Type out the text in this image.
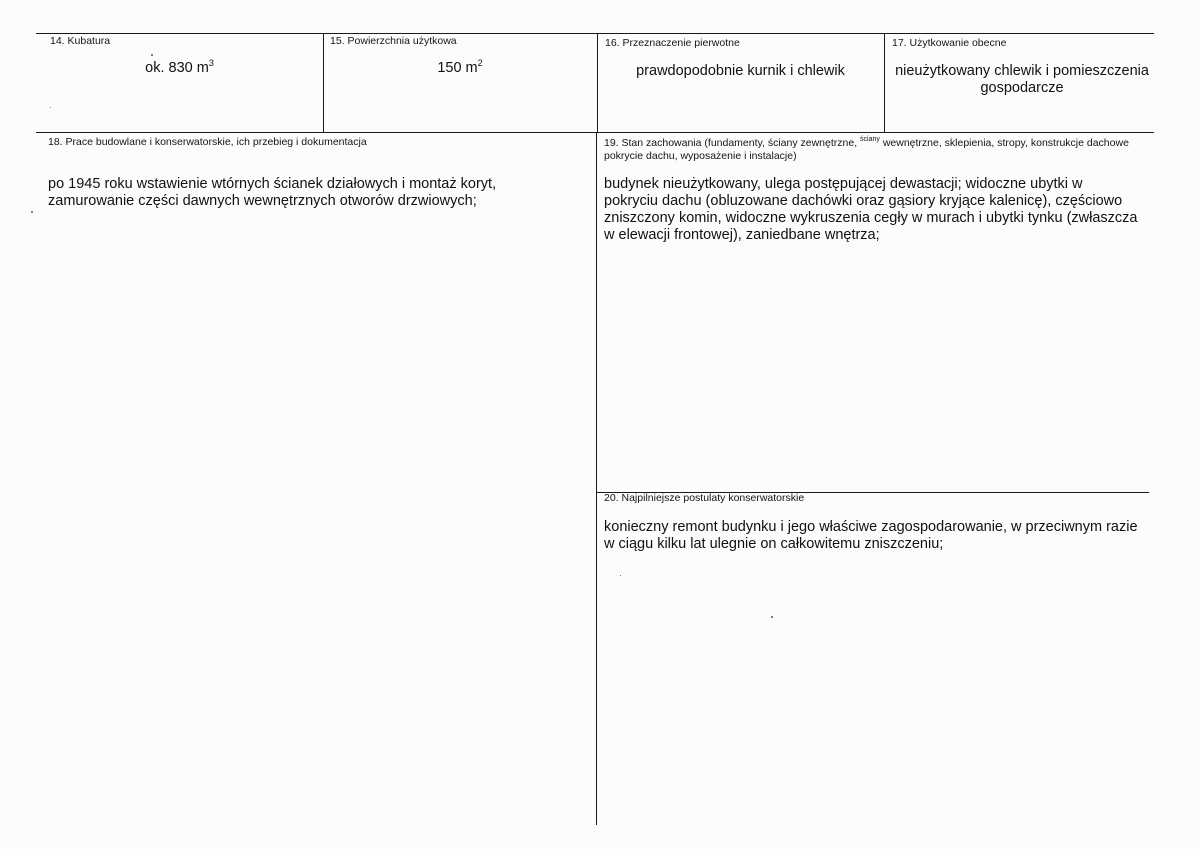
14. Kubatura
ok. 830 $m^3$
15. Powierzchnia użytkowa
150 $m^2$
16. Przeznaczenie pierwotne
prawdopodobnie kurnik i chlewik
17. Użytkowanie obecne
nieużytkowany chlewik i pomieszczenia gospodarcze
18. Prace budowlane i konserwatorskie, ich przebieg i dokumentacja
po 1945 roku wstawienie wtórnych ścianek działowych i montaż koryt, zamurowanie części dawnych wewnętrznych otworów drzwiowych;
19. Stan zachowania (fundamenty, ściany zewnętrzne, $^{ściany}$ wewnętrzne, sklepienia, stropy, konstrukcje dachowe
pokrycie dachu, wyposażenie i instalacje)
budynek nieużytkowany, ulega postępującej dewastacji; widoczne ubytki w pokryciu dachu (obluzowane dachówki oraz gąsiory kryjące kalenicę), częściowo zniszczony komin, widoczne wykruszenia cegły w murach i ubytki tynku (zwłaszcza w elewacji frontowej), zaniedbane wnętrza;
20. Najpilniejsze postulaty konserwatorskie
konieczny remont budynku i jego właściwe zagospodarowanie, w przeciwnym razie w ciągu kilku lat ulegnie on całkowitemu zniszczeniu;
